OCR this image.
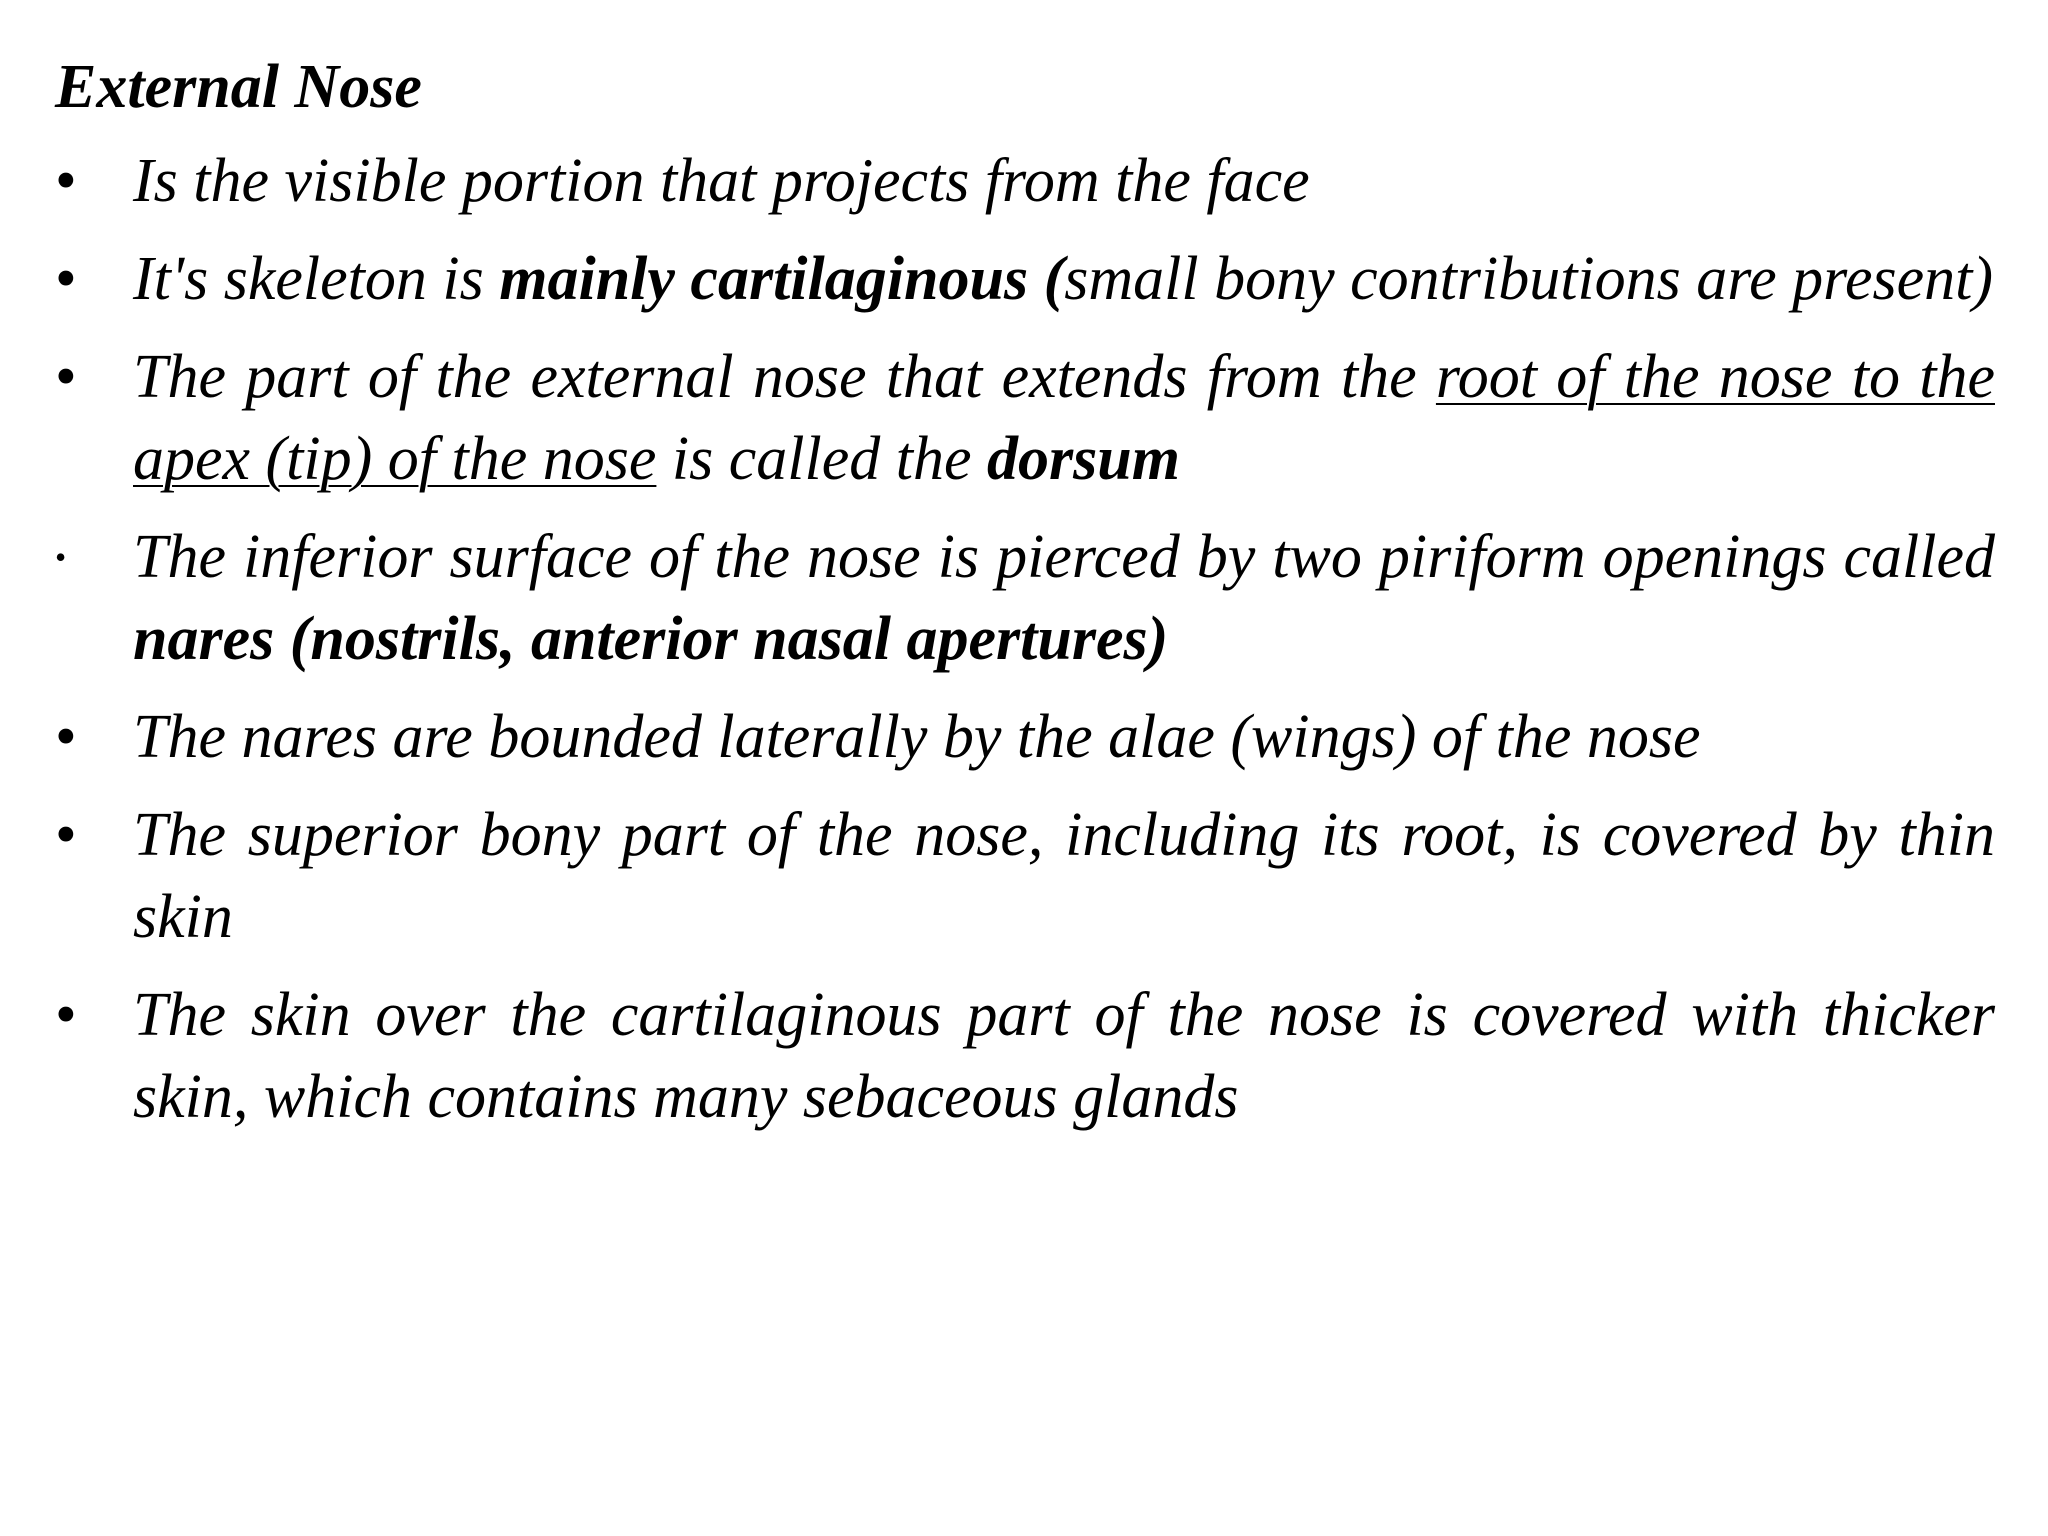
External Nose
• Is the visible portion that projects from the face
• It's skeleton is mainly cartilaginous (small bony contributions are present)
• The part of the external nose that extends from the root of the nose to the apex (tip) of the nose is called the dorsum
•	The inferior surface of the nose is pierced by two piriform openings called nares (nostrils, anterior nasal apertures)
• The nares are bounded laterally by the alae (wings) of the nose
• The superior bony part of the nose, including its root, is covered by thin skin
• The skin over the cartilaginous part of the nose is covered with thicker skin, which contains many sebaceous glands
